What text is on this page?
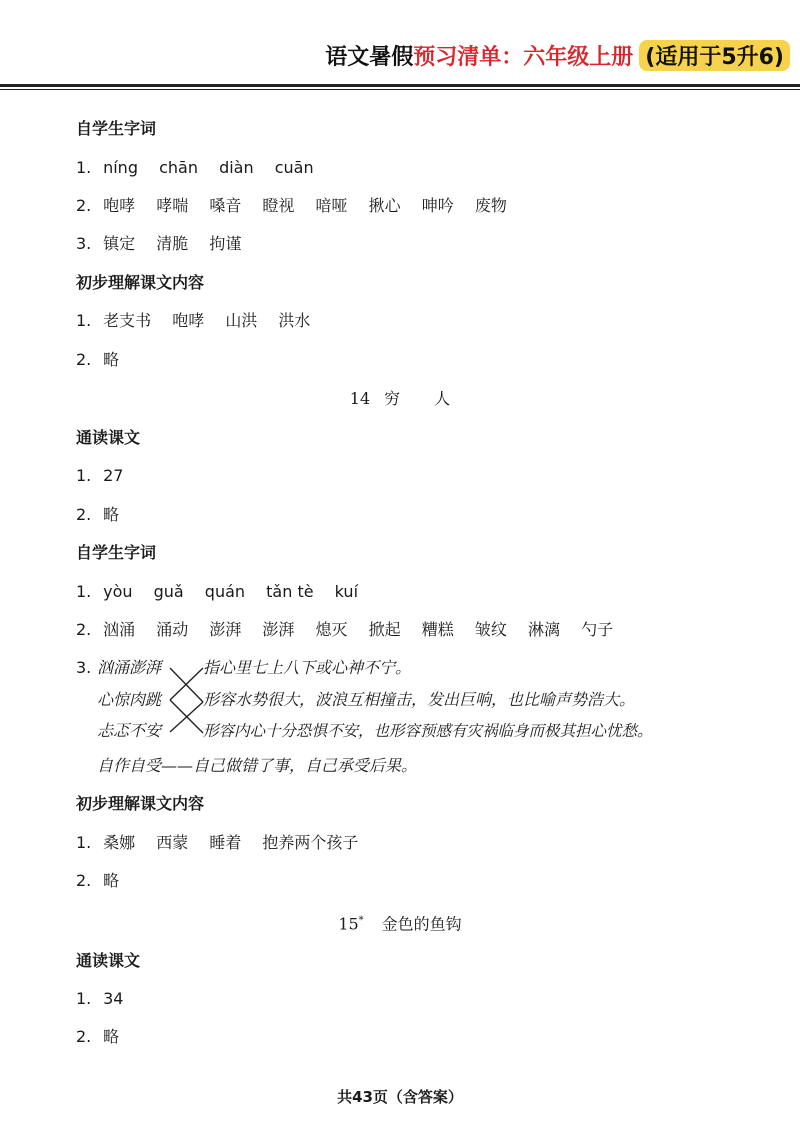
语文暑假预习清单：六年级上册 (适用于5升6)
自学生字词
1. níng chān diàn cuān
2. 咆哮 哮喘 嗓音 瞪视 喑哑 揪心 呻吟 废物
3. 镇定 清脆 拘谨
初步理解课文内容
1. 老支书 咆哮 山洪 洪水
2. 略
14 穷 人
通读课文
1. 27
2. 略
自学生字词
1. yòu guǎ quán tǎn tè kuí
2. 汹涌 涌动 澎湃 澎湃 熄灭 掀起 糟糕 皱纹 淋漓 勺子
3. 汹涌澎湃
心惊肉跳
忐忑不安
指心里七上八下或心神不宁。
形容水势很大，波浪互相撞击，发出巨响，也比喻声势浩大。
形容内心十分恐惧不安，也形容预感有灾祸临身而极其担心忧愁。
自作自受——自己做错了事，自己承受后果。
初步理解课文内容
1. 桑娜 西蒙 睡着 抱养两个孩子
2. 略
15* 金色的鱼钩
通读课文
1. 34
2. 略
共43页（含答案）
